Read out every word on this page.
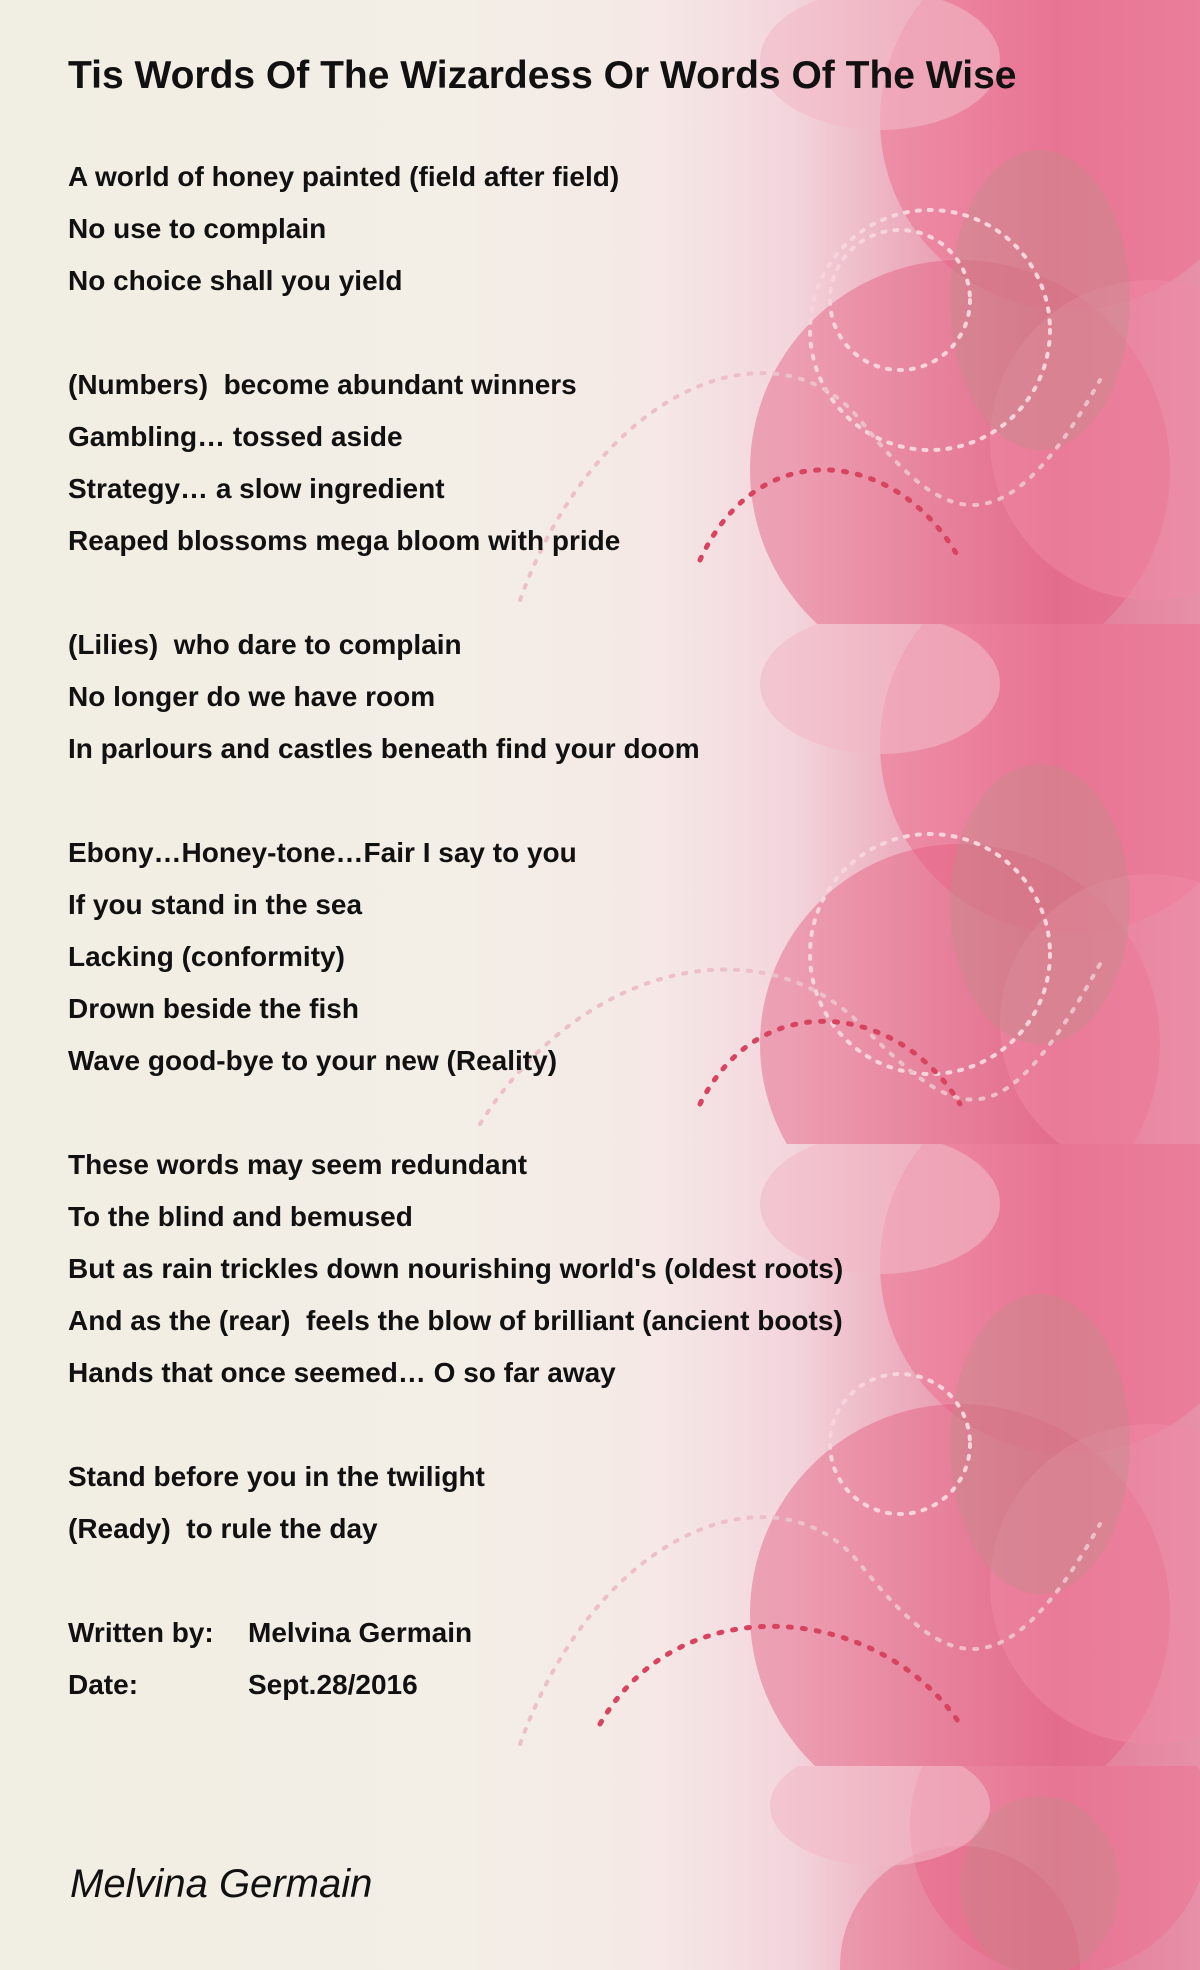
Tis Words Of The Wizardess Or Words Of The Wise
A world of honey painted (field after field)
No use to complain
No choice shall you yield
(Numbers)  become abundant winners
Gambling… tossed aside
Strategy… a slow ingredient
Reaped blossoms mega bloom with pride
(Lilies)  who dare to complain
No longer do we have room
In parlours and castles beneath find your doom
Ebony…Honey-tone…Fair I say to you
If you stand in the sea
Lacking (conformity)
Drown beside the fish
Wave good-bye to your new (Reality)
These words may seem redundant
To the blind and bemused
But as rain trickles down nourishing world's (oldest roots)
And as the (rear)  feels the blow of brilliant (ancient boots)
Hands that once seemed… O so far away
Stand before you in the twilight
(Ready)  to rule the day
Written by: Melvina Germain
Date:	Sept.28/2016
Melvina Germain
